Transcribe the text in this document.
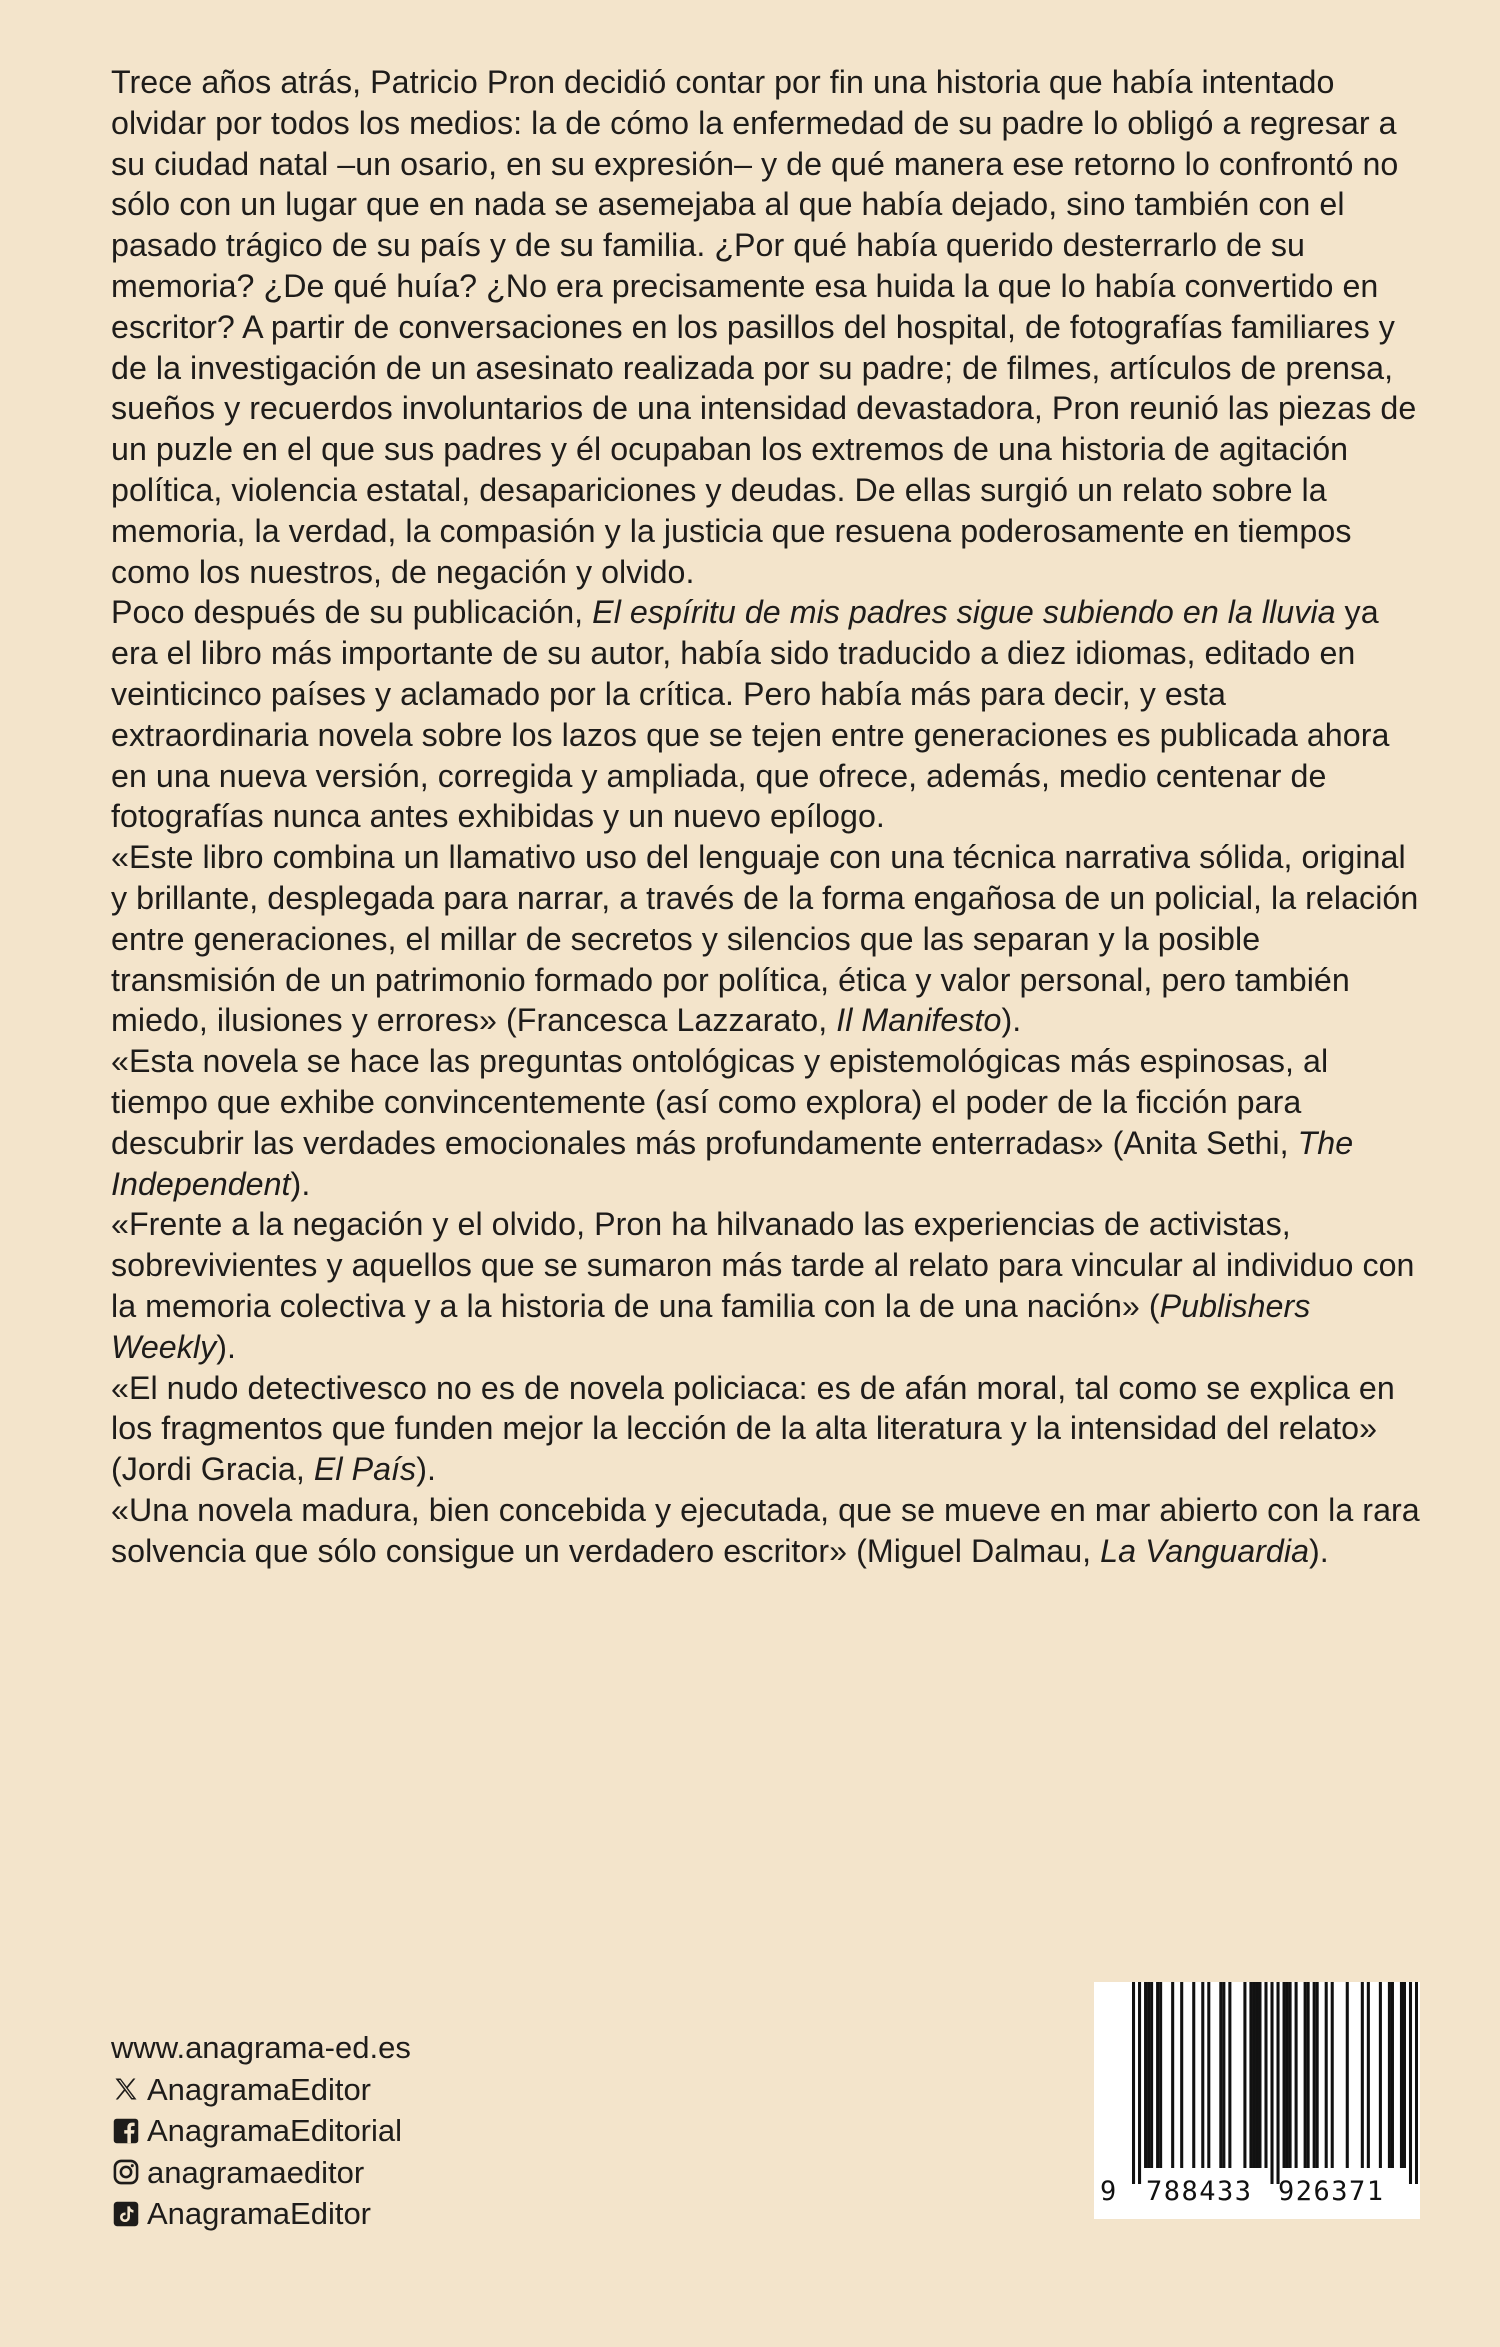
Trece años atrás, Patricio Pron decidió contar por fin una historia que había intentado olvidar por todos los medios: la de cómo la enfermedad de su padre lo obligó a regresar a su ciudad natal –un osario, en su expresión– y de qué manera ese retorno lo confrontó no sólo con un lugar que en nada se asemejaba al que había dejado, sino también con el pasado trágico de su país y de su familia. ¿Por qué había querido desterrarlo de su memoria? ¿De qué huía? ¿No era precisamente esa huida la que lo había convertido en escritor? A partir de conversaciones en los pasillos del hospital, de fotografías familiares y de la investigación de un asesinato realizada por su padre; de filmes, artículos de prensa, sueños y recuerdos involuntarios de una intensidad devastadora, Pron reunió las piezas de un puzle en el que sus padres y él ocupaban los extremos de una historia de agitación política, violencia estatal, desapariciones y deudas. De ellas surgió un relato sobre la memoria, la verdad, la compasión y la justicia que resuena poderosamente en tiempos como los nuestros, de negación y olvido.

Poco después de su publicación, El espíritu de mis padres sigue subiendo en la lluvia ya era el libro más importante de su autor, había sido traducido a diez idiomas, editado en veinticinco países y aclamado por la crítica. Pero había más para decir, y esta extraordinaria novela sobre los lazos que se tejen entre generaciones es publicada ahora en una nueva versión, corregida y ampliada, que ofrece, además, medio centenar de fotografías nunca antes exhibidas y un nuevo epílogo.

«Este libro combina un llamativo uso del lenguaje con una técnica narrativa sólida, original y brillante, desplegada para narrar, a través de la forma engañosa de un policial, la relación entre generaciones, el millar de secretos y silencios que las separan y la posible transmisión de un patrimonio formado por política, ética y valor personal, pero también miedo, ilusiones y errores» (Francesca Lazzarato, Il Manifesto).

«Esta novela se hace las preguntas ontológicas y epistemológicas más espinosas, al tiempo que exhibe convincentemente (así como explora) el poder de la ficción para descubrir las verdades emocionales más profundamente enterradas» (Anita Sethi, The Independent).

«Frente a la negación y el olvido, Pron ha hilvanado las experiencias de activistas, sobrevivientes y aquellos que se sumaron más tarde al relato para vincular al individuo con la memoria colectiva y a la historia de una familia con la de una nación» (Publishers Weekly).

«El nudo detectivesco no es de novela policiaca: es de afán moral, tal como se explica en los fragmentos que funden mejor la lección de la alta literatura y la intensidad del relato» (Jordi Gracia, El País).

«Una novela madura, bien concebida y ejecutada, que se mueve en mar abierto con la rara solvencia que sólo consigue un verdadero escritor» (Miguel Dalmau, La Vanguardia).

www.anagrama-ed.es
AnagramaEditor
AnagramaEditorial
anagramaeditor
AnagramaEditor
9 788433 926371
